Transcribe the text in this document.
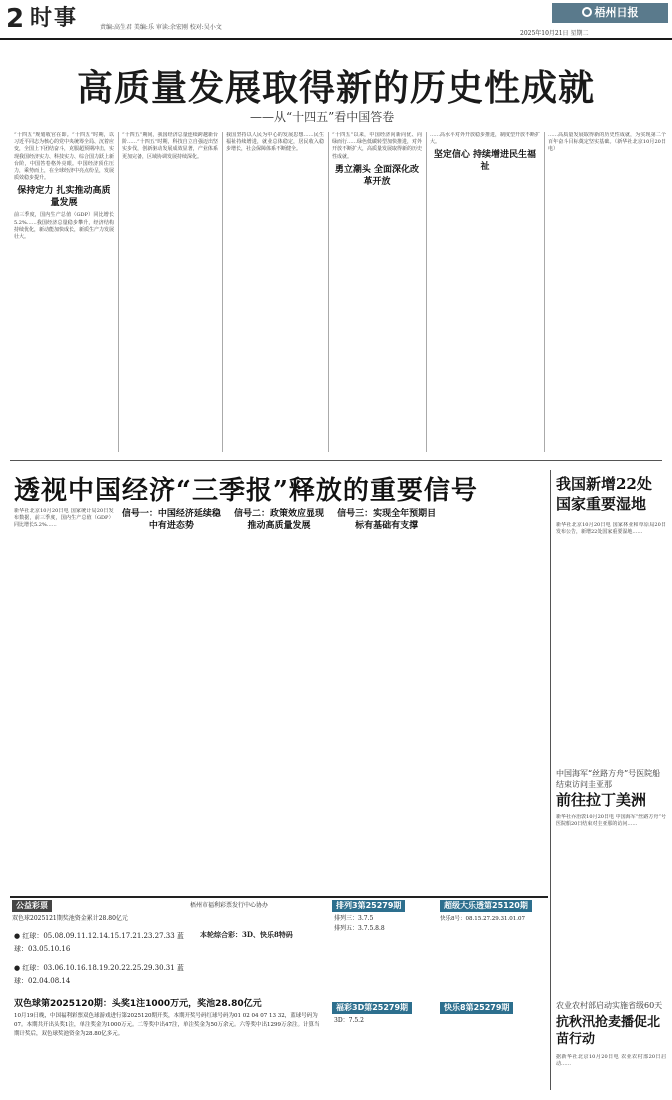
2 时事	责编:高生君 美编:乐 审读:余宏刚 校对:吴小文
梧州日报
2025年10月21日 星期二
高质量发展取得新的历史性成就
——从“十四五”看中国答卷
“十四五”规划收官在即。“十四五”时期，以习近平同志为核心的党中央统筹全局、沉着应变，全国上下团结奋斗，克服超预期冲击，实现我国经济实力、科技实力、综合国力跃上新台阶，中国答卷格外亮眼。中国经济顶住压力，乘势而上，在全球经济中亮点纷呈，发展质效稳步提升。
保持定力 扎实推动高质量发展
前三季度，国内生产总值（GDP）同比增长5.2%……我国经济总量稳步攀升，经济结构持续优化，新动能加快成长，新质生产力发展壮大。
“十四五”期间，我国经济总量连续跨越新台阶……“十四五”时期，科技自立自强迈出坚实步伐，创新驱动发展成效显著，产业体系更加完备，区域协调发展持续深化。
我国坚持以人民为中心的发展思想……民生福祉持续增进，就业总体稳定，居民收入稳步增长，社会保障体系不断健全。
“十四五”以来，中国经济向新向优、向绿而行……绿色低碳转型加快推进，对外开放不断扩大，高质量发展取得新的历史性成就。
勇立潮头 全面深化改革开放
……高水平对外开放稳步推进，制度型开放不断扩大。
坚定信心 持续增进民生福祉
……高质量发展取得新的历史性成就，为实现第二个百年奋斗目标奠定坚实基础。（新华社北京10月20日电）
透视中国经济“三季报”释放的重要信号
新华社北京10月20日电 国家统计局20日发布数据，前三季度，国内生产总值（GDP）同比增长5.2%……
信号一：中国经济延续稳中有进态势
信号二：政策效应显现 推动高质量发展
信号三：实现全年预期目标有基础有支撑
我国新增22处国家重要湿地
新华社北京10月20日电 国家林业和草原局20日发布公告，新增22处国家重要湿地……
中国海军“丝路方舟”号医院船结束访问圭亚那
前往拉丁美洲
新华社乔治敦10月20日电 中国海军“丝路方舟”号医院船20日结束对圭亚那的访问……
农业农村部启动实施省级60天
抗秋汛抢麦播促北苗行动
据新华社北京10月20日电 农业农村部20日启动……
公益彩票	梧州市福利彩票发行中心协办
双色球2025121期奖池资金累计28.80亿元
● 红球：05.08.09.11.12.14.15.17.21.23.27.33 蓝球：03.05.10.16
● 红球：03.06.10.16.18.19.20.22.25.29.30.31 蓝球：02.04.08.14
本轮综合彩：3D、快乐8特码
双色球第2025120期：头奖1注1000万元，奖池28.80亿元
10月19日晚，中国福利彩票双色球游戏进行第2025120期开奖，本期开奖号码红球号码为01 02 04 07 13 32，蓝球号码为07。本期共开出头奖1注，单注奖金为1000万元。二等奖中出47注，单注奖金为50万余元。六等奖中出1299万余注。计算当期计奖后，双色球奖池资金为28.80亿多元。
排列3第25279期
排列三：3.7.5
排列五：3.7.5.8.8
超级大乐透第25120期
快乐8号：08.15.27.29.31.01.07
福彩3D第25279期
3D：7.5.2
快乐8第25279期
